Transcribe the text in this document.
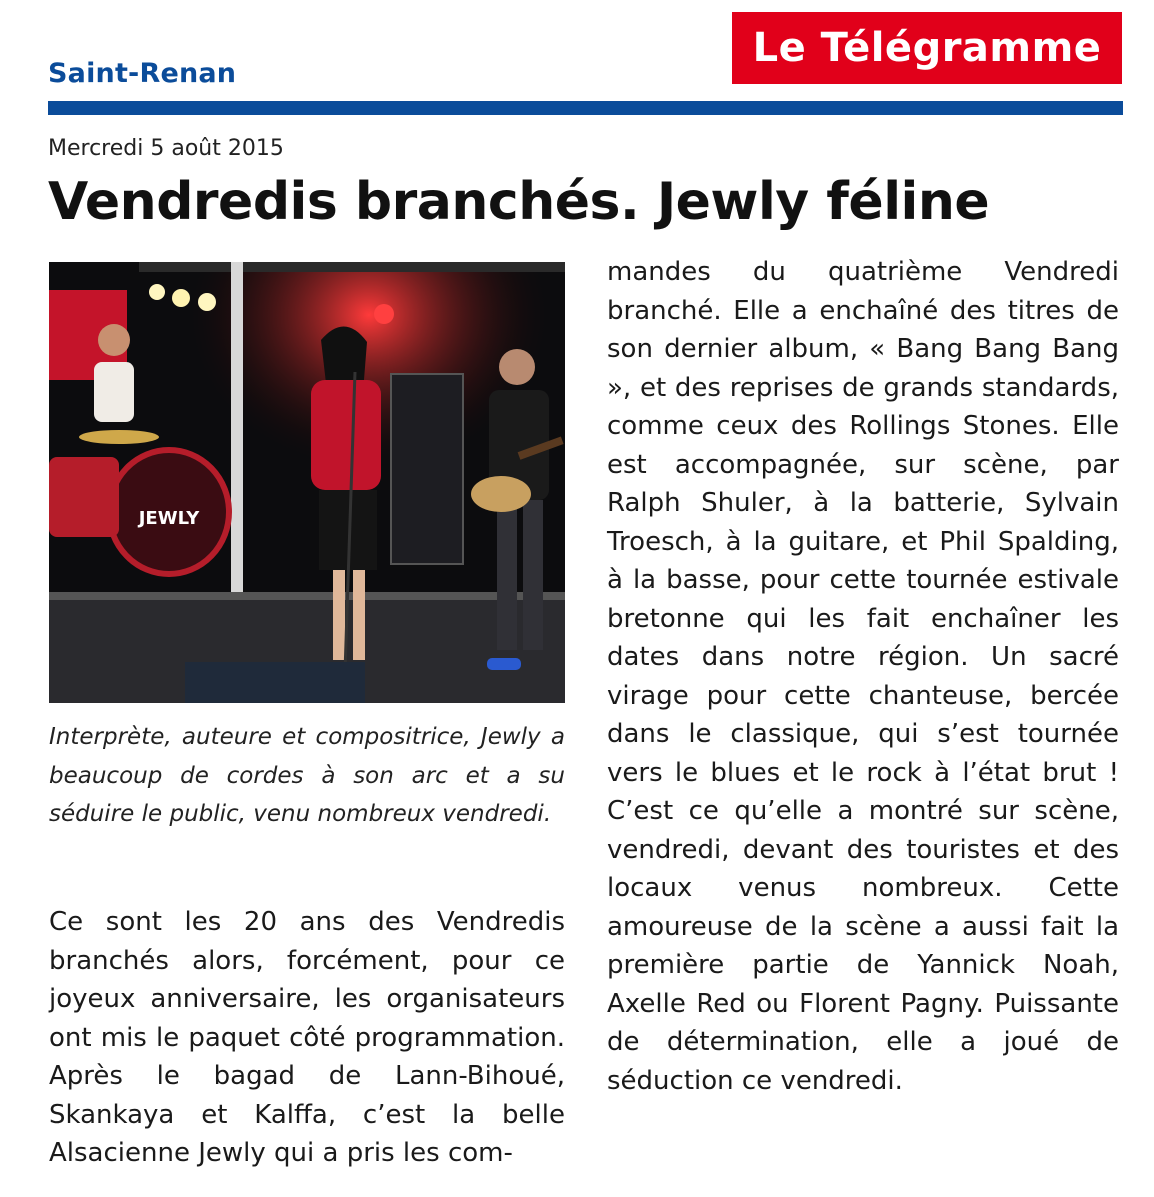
Saint-Renan
Le Télégramme
Mercredi 5 août 2015
Vendredis branchés. Jewly féline
JEWLY
Interprète, auteure et compositrice, Jewly a beaucoup de cordes à son arc et a su séduire le public, venu nombreux vendredi.
Ce sont les 20 ans des Vendredis branchés alors, forcément, pour ce joyeux anniversaire, les organisateurs ont mis le paquet côté programmation. Après le bagad de Lann-Bihoué, Skankaya et Kalffa, c’est la belle Alsacienne Jewly qui a pris les com-
mandes du quatrième Vendredi branché. Elle a enchaîné des titres de son dernier album, « Bang Bang Bang », et des reprises de grands standards, comme ceux des Rollings Stones. Elle est accompagnée, sur scène, par Ralph Shuler, à la batterie, Sylvain Troesch, à la guitare, et Phil Spalding, à la basse, pour cette tournée estivale bretonne qui les fait enchaîner les dates dans notre région. Un sacré virage pour cette chanteuse, bercée dans le classique, qui s’est tournée vers le blues et le rock à l’état brut ! C’est ce qu’elle a montré sur scène, vendredi, devant des touristes et des locaux venus nombreux. Cette amoureuse de la scène a aussi fait la première partie de Yannick Noah, Axelle Red ou Florent Pagny. Puissante de détermination, elle a joué de séduction ce vendredi.
